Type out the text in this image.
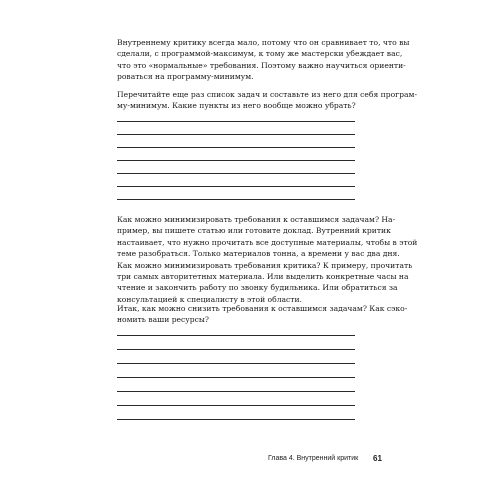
Внутреннему критику всегда мало, потому что он сравнивает то, что вы
сделали, с программой-максимум, к тому же мастерски убеждает вас,
что это «нормальные» требования. Поэтому важно научиться ориенти-
роваться на программу-минимум.

Перечитайте еще раз список задач и составьте из него для себя програм-
му-минимум. Какие пункты из него вообще можно убрать?

Как можно минимизировать требования к оставшимся задачам? На-
пример, вы пишете статью или готовите доклад. Вутренний критик
настаивает, что нужно прочитать все доступные материалы, чтобы в этой
теме разобраться. Только материалов тонна, а времени у вас два дня.
Как можно минимизировать требования критика? К примеру, прочитать
три самых авторитетных материала. Или выделить конкретные часы на
чтение и закончить работу по звонку будильника. Или обратиться за
консультацией к специалисту в этой области.

Итак, как можно снизить требования к оставшимся задачам? Как сэко-
номить ваши ресурсы?

Глава 4. Внутренний критик 61
